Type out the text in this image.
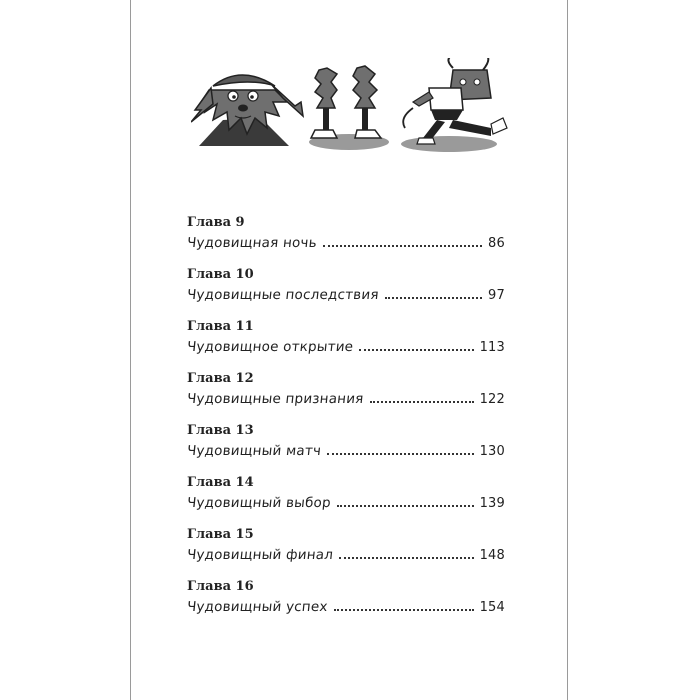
Глава 9
Чудовищная ночь	86
Глава 10
Чудовищные последствия	97
Глава 11
Чудовищное открытие	113
Глава 12
Чудовищные признания	122
Глава 13
Чудовищный матч	130
Глава 14
Чудовищный выбор	139
Глава 15
Чудовищный финал	148
Глава 16
Чудовищный успех	154
